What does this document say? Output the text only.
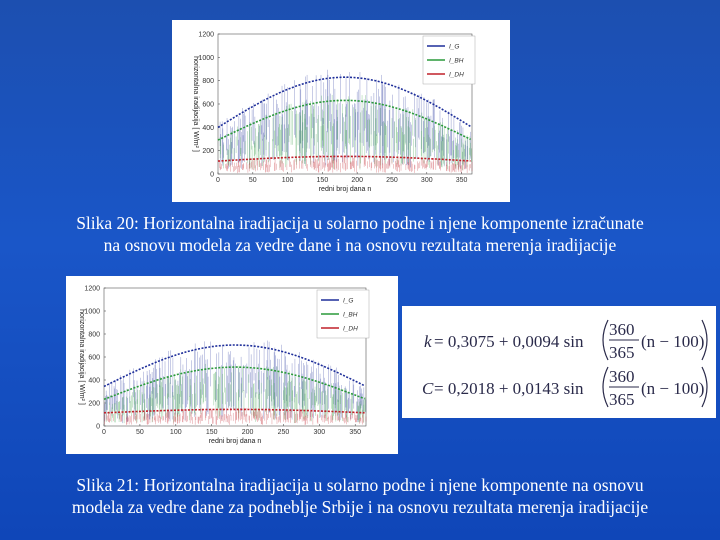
0	50	100	150	200	250	300	350
0
200
400
600
800
1000
1200
redni broj dana n
horizontalna iradijacija [ W/m² ]
I_G
I_BH
I_DH
Slika 20: Horizontalna iradijacija u solarno podne i njene komponente izračunate
na osnovu modela za vedre dane i na osnovu rezultata merenja iradijacije
0	50	100	150	200	250	300	350
0
200
400
600
800
1000
1200
redni broj dana n
horizontalna iradijacija [ W/m² ]
I_G
I_BH
I_DH
k = 0,3075 + 0,0094 sin
360
365
(n − 100)
C = 0,2018 + 0,0143 sin
360
365
(n − 100)
Slika 21: Horizontalna iradijacija u solarno podne i njene komponente na osnovu
modela za vedre dane za podneblje Srbije i na osnovu rezultata merenja iradijacije
